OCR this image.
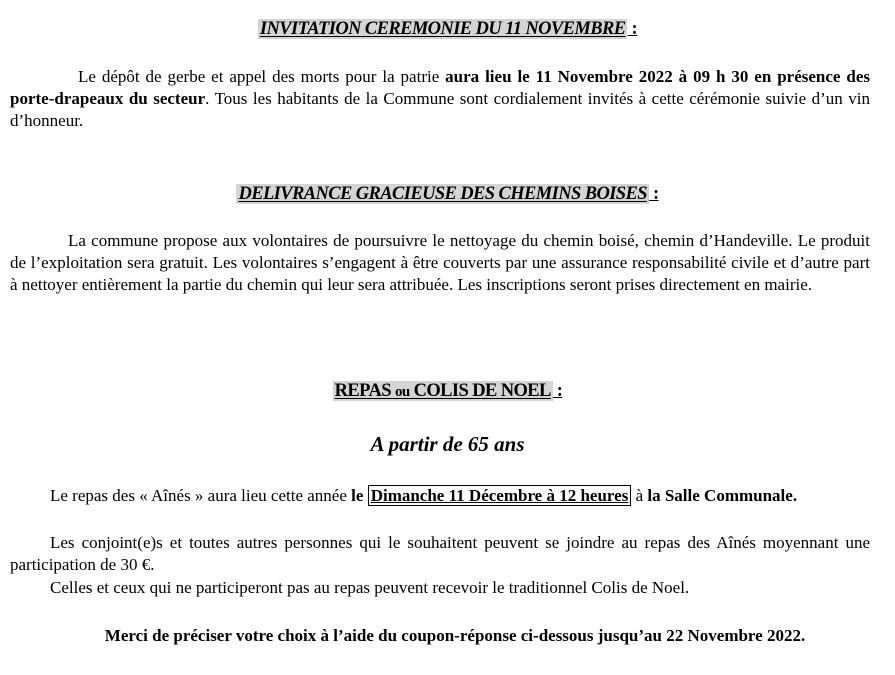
INVITATION CEREMONIE DU 11 NOVEMBRE :
Le dépôt de gerbe et appel des morts pour la patrie aura lieu le 11 Novembre 2022 à 09 h 30 en présence des porte-drapeaux du secteur. Tous les habitants de la Commune sont cordialement invités à cette cérémonie suivie d’un vin d’honneur.
DELIVRANCE GRACIEUSE DES CHEMINS BOISES :
La commune propose aux volontaires de poursuivre le nettoyage du chemin boisé, chemin d’Handeville. Le produit de l’exploitation sera gratuit. Les volontaires s’engagent à être couverts par une assurance responsabilité civile et d’autre part à nettoyer entièrement la partie du chemin qui leur sera attribuée. Les inscriptions seront prises directement en mairie.
REPAS ou COLIS DE NOEL :
A partir de 65 ans
Le repas des « Aînés » aura lieu cette année le Dimanche 11 Décembre à 12 heures à la Salle Communale.
Les conjoint(e)s et toutes autres personnes qui le souhaitent peuvent se joindre au repas des Aînés moyennant une participation de 30 €.
Celles et ceux qui ne participeront pas au repas peuvent recevoir le traditionnel Colis de Noel.
Merci de préciser votre choix à l’aide du coupon-réponse ci-dessous jusqu’au 22 Novembre 2022.
